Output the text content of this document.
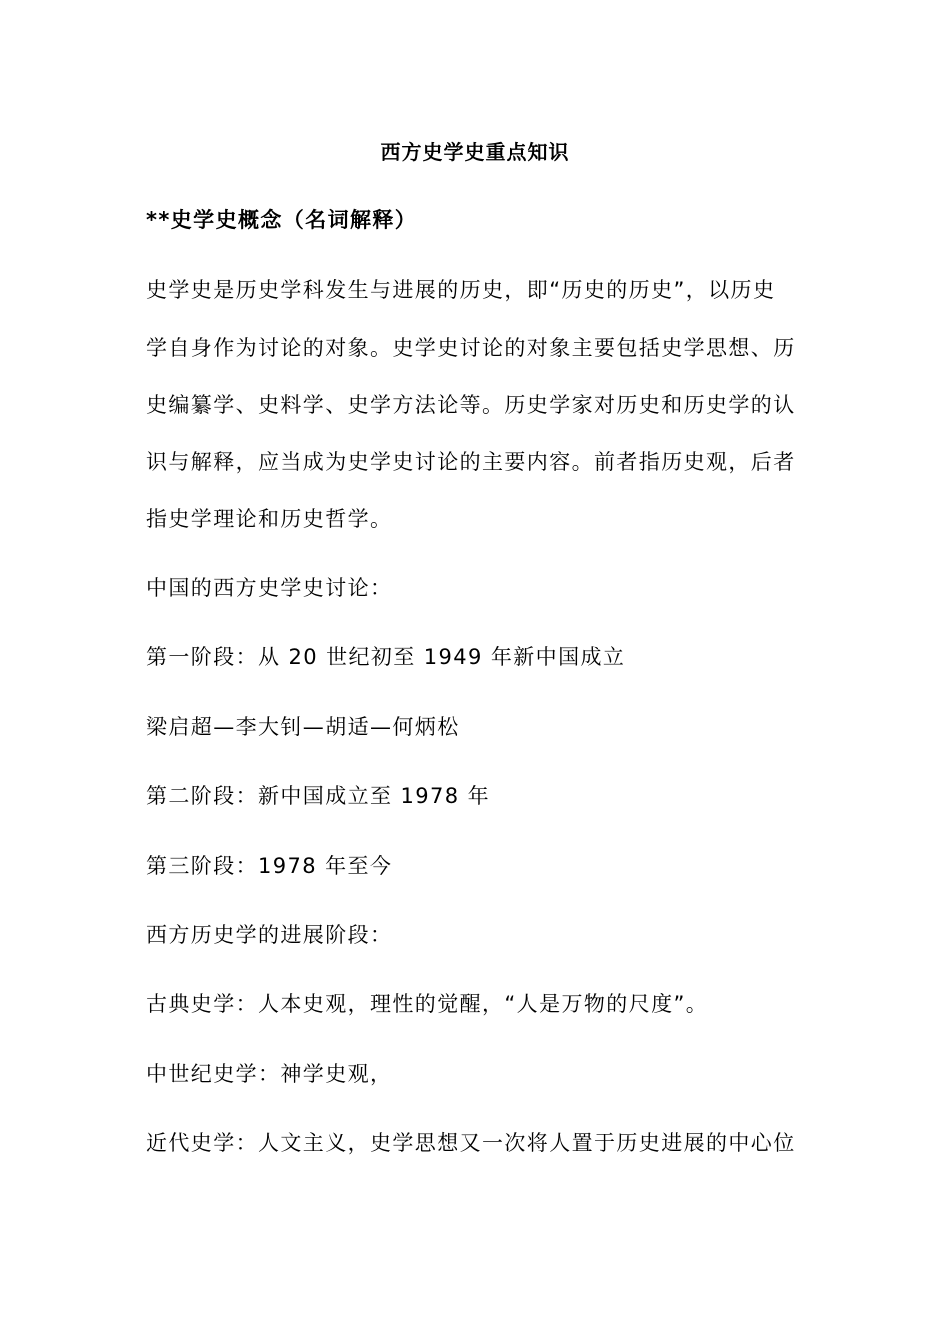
西方史学史重点知识
**史学史概念（名词解释）
史学史是历史学科发生与进展的历史，即“历史的历史”，以历史
学自身作为讨论的对象。史学史讨论的对象主要包括史学思想、历
史编纂学、史料学、史学方法论等。历史学家对历史和历史学的认
识与解释，应当成为史学史讨论的主要内容。前者指历史观，后者
指史学理论和历史哲学。
中国的西方史学史讨论：
第一阶段：从 20 世纪初至 1949 年新中国成立
梁启超—李大钊—胡适—何炳松
第二阶段：新中国成立至 1978 年
第三阶段：1978 年至今
西方历史学的进展阶段：
古典史学：人本史观，理性的觉醒，“人是万物的尺度”。
中世纪史学：神学史观，
近代史学：人文主义，史学思想又一次将人置于历史进展的中心位
